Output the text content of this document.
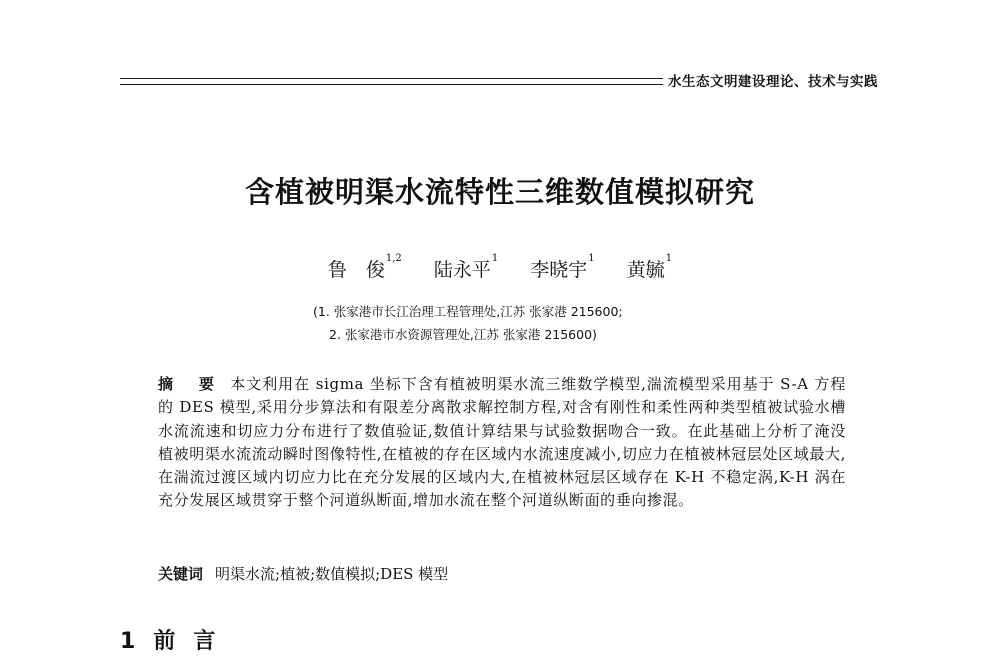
水生态文明建设理论、技术与实践
含植被明渠水流特性三维数值模拟研究
鲁　俊$^{1,2}$ 陆永平$^1$ 李晓宇$^1$ 黄毓$^1$
(1. 张家港市长江治理工程管理处,江苏 张家港 215600;
2. 张家港市水资源管理处,江苏 张家港 215600)
摘 要 本文利用在 sigma 坐标下含有植被明渠水流三维数学模型,湍流模型采用基于 S-A 方程的 DES 模型,采用分步算法和有限差分离散求解控制方程,对含有刚性和柔性两种类型植被试验水槽水流流速和切应力分布进行了数值验证,数值计算结果与试验数据吻合一致。在此基础上分析了淹没植被明渠水流流动瞬时图像特性,在植被的存在区域内水流速度减小,切应力在植被林冠层处区域最大,在湍流过渡区域内切应力比在充分发展的区域内大,在植被林冠层区域存在 K-H 不稳定涡,K-H 涡在充分发展区域贯穿于整个河道纵断面,增加水流在整个河道纵断面的垂向掺混。
关键词 明渠水流;植被;数值模拟;DES 模型
1 前言
